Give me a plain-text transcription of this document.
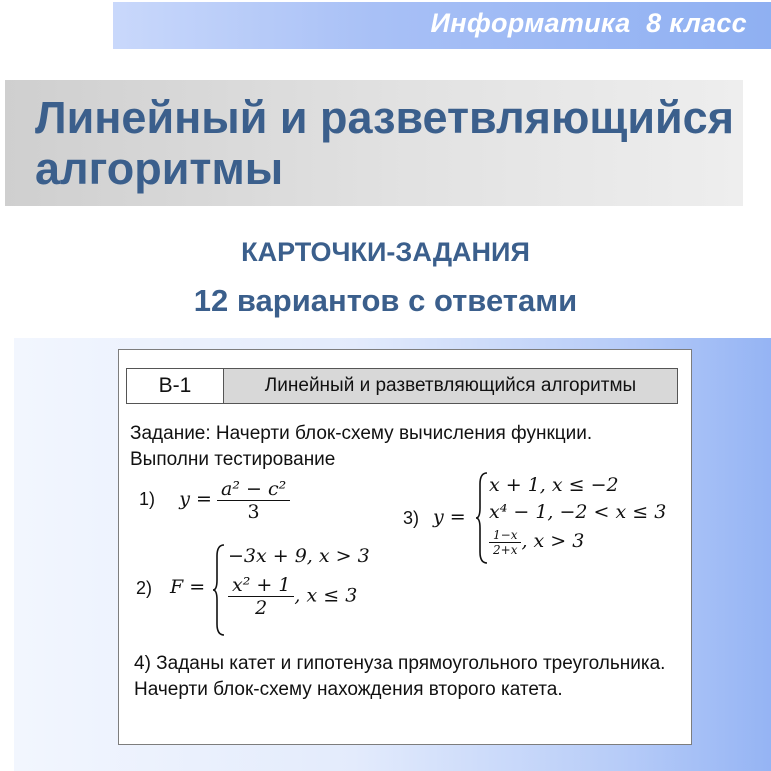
Информатика  8 класс
Линейный и разветвляющийся алгоритмы
КАРТОЧКИ-ЗАДАНИЯ
12 вариантов с ответами
В-1	Линейный и разветвляющийся алгоритмы
Задание: Начерти блок-схему вычисления функции.
Выполни тестирование
1) $y = \frac{\text{a² − c²}}{3}$
2) F =
−3x + 9, x > 3
$\frac{\text{x² + 1}}{2}$ , x ≤ 3
3) y =
x + 1, x ≤ −2
x⁴ − 1, −2 < x ≤ 3
$\frac{1-x}{2+x}$ , x > 3
4) Заданы катет и гипотенуза прямоугольного треугольника. Начерти блок-схему нахождения второго катета.
